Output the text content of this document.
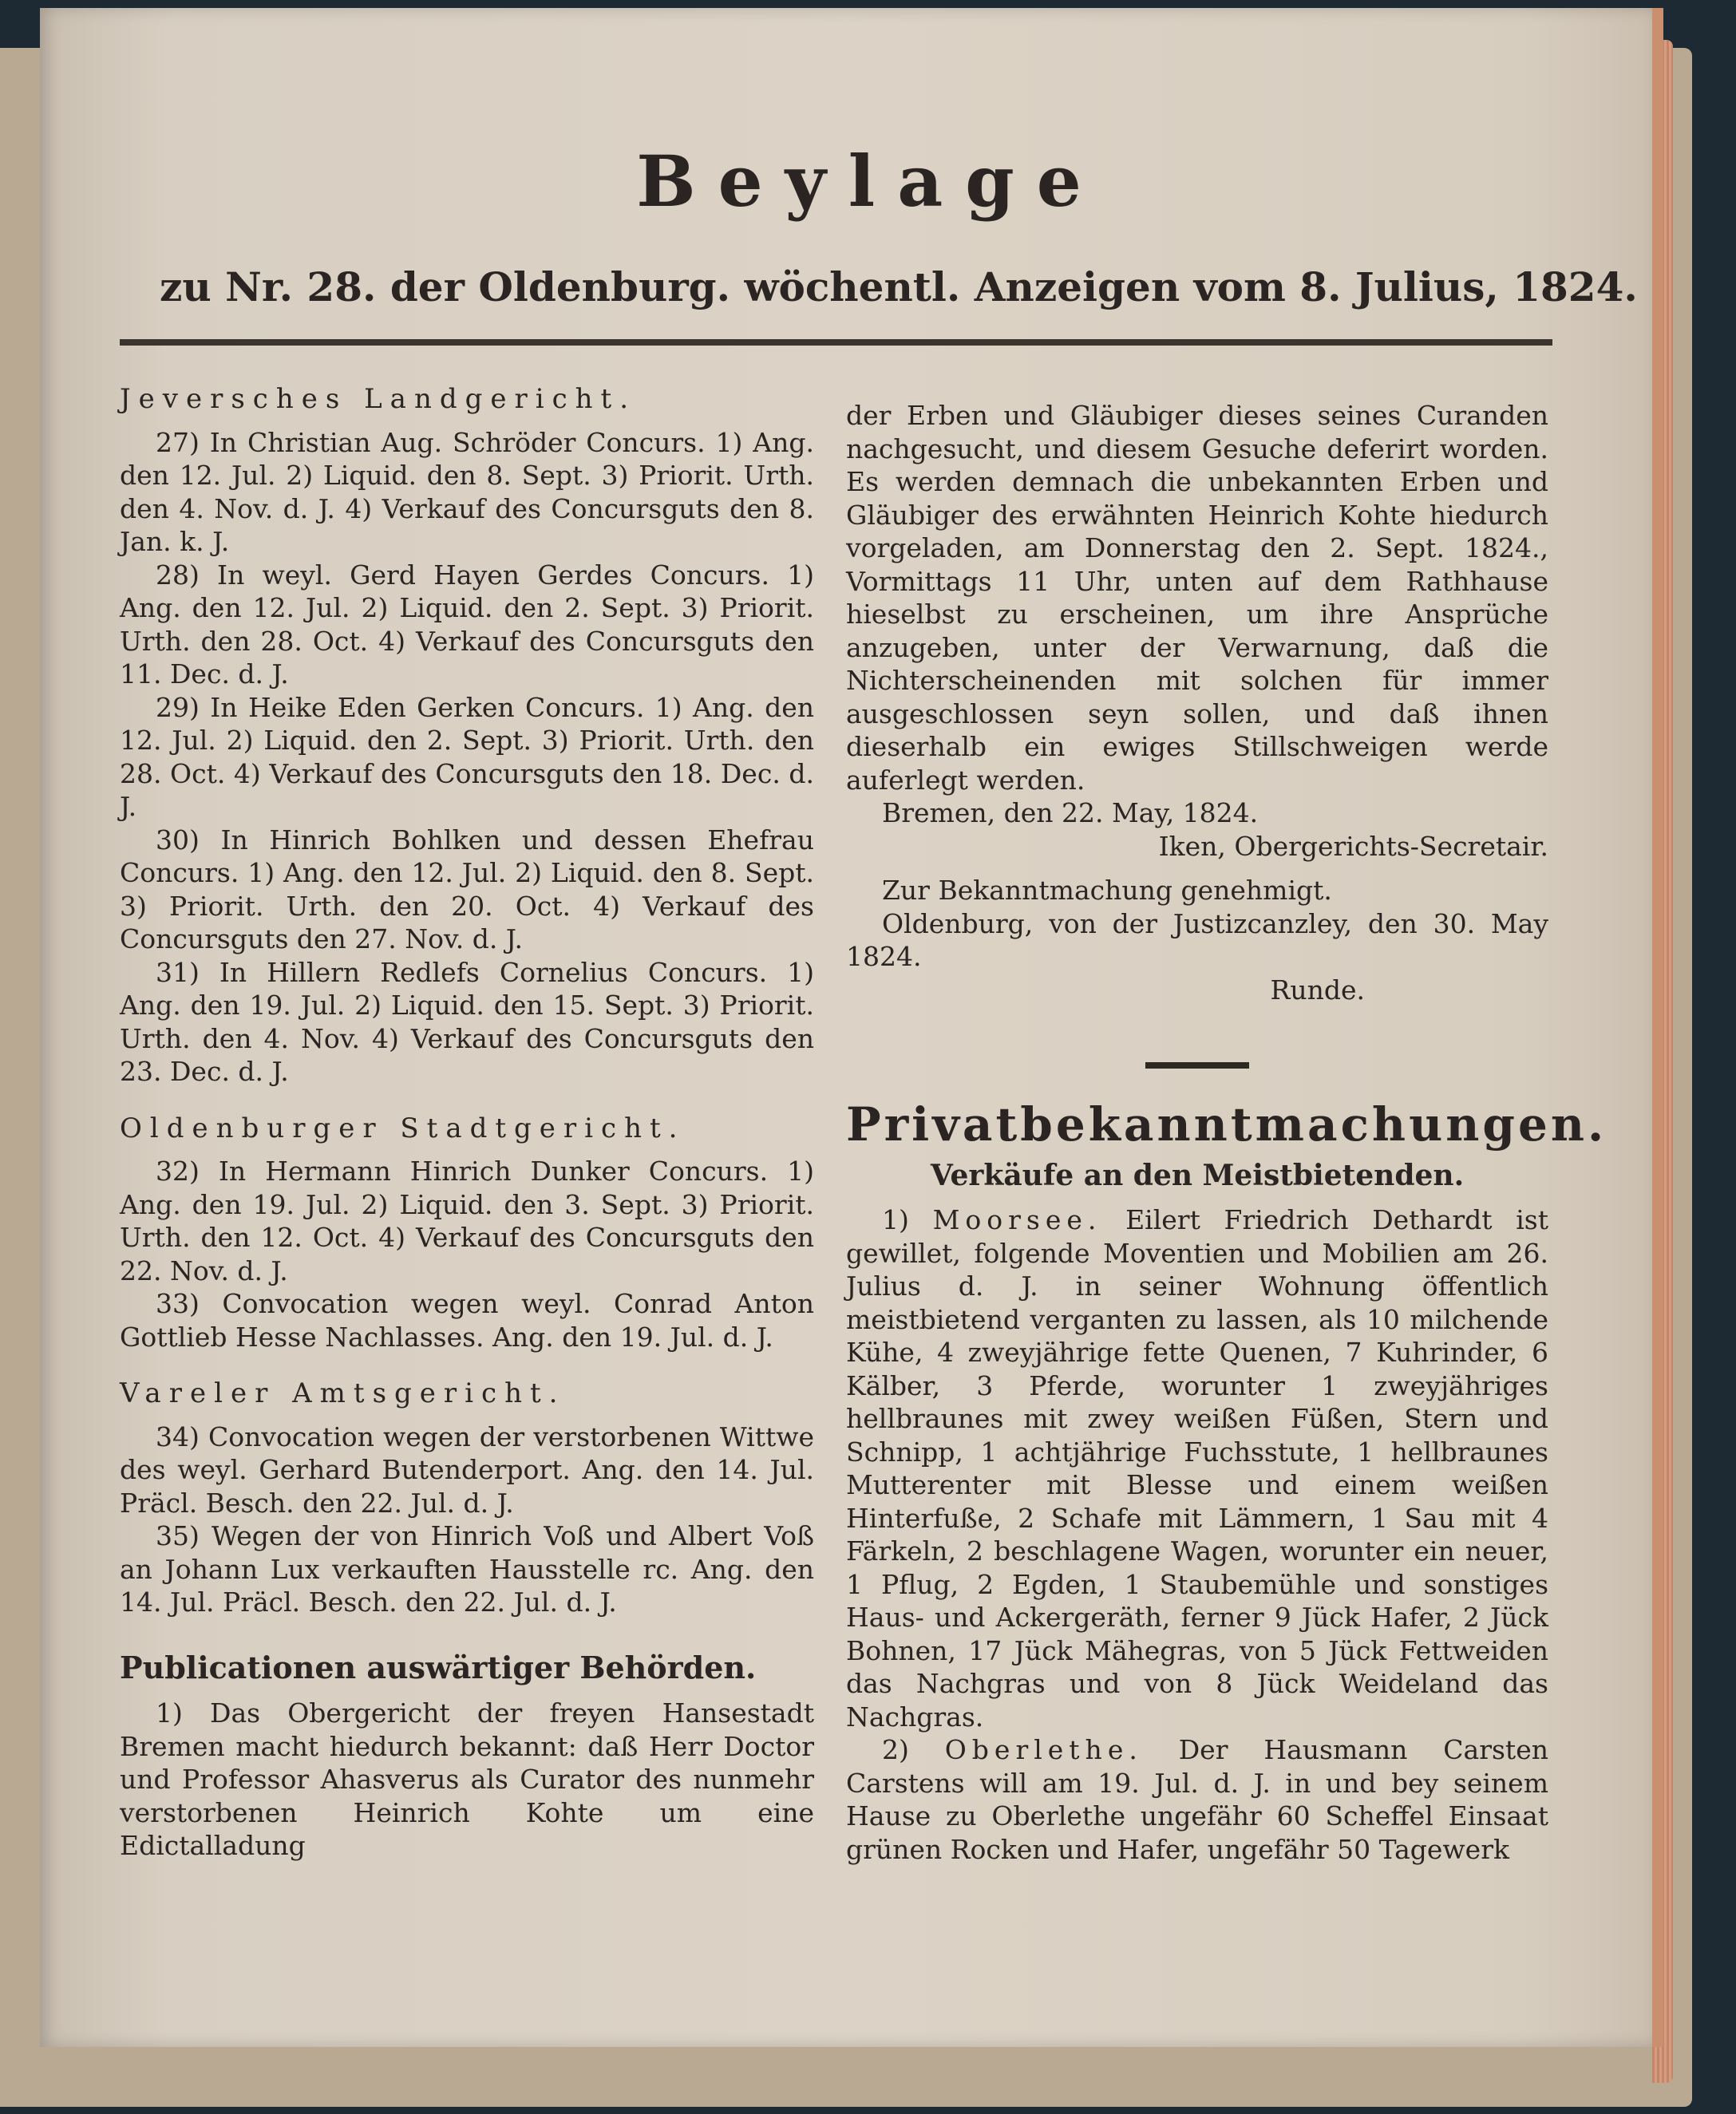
Beylage
zu Nr. 28. der Oldenburg. wöchentl. Anzeigen vom 8. Julius, 1824.

Jeversches Landgericht.

27) In Christian Aug. Schröder Concurs. 1) Ang. den 12. Jul. 2) Liquid. den 8. Sept. 3) Priorit. Urth. den 4. Nov. d. J. 4) Verkauf des Concursguts den 8. Jan. k. J.

28) In weyl. Gerd Hayen Gerdes Concurs. 1) Ang. den 12. Jul. 2) Liquid. den 2. Sept. 3) Priorit. Urth. den 28. Oct. 4) Verkauf des Concursguts den 11. Dec. d. J.

29) In Heike Eden Gerken Concurs. 1) Ang. den 12. Jul. 2) Liquid. den 2. Sept. 3) Priorit. Urth. den 28. Oct. 4) Verkauf des Concursguts den 18. Dec. d. J.

30) In Hinrich Bohlken und dessen Ehefrau Concurs. 1) Ang. den 12. Jul. 2) Liquid. den 8. Sept. 3) Priorit. Urth. den 20. Oct. 4) Verkauf des Concursguts den 27. Nov. d. J.

31) In Hillern Redlefs Cornelius Concurs. 1) Ang. den 19. Jul. 2) Liquid. den 15. Sept. 3) Priorit. Urth. den 4. Nov. 4) Verkauf des Concursguts den 23. Dec. d. J.

Oldenburger Stadtgericht.

32) In Hermann Hinrich Dunker Concurs. 1) Ang. den 19. Jul. 2) Liquid. den 3. Sept. 3) Priorit. Urth. den 12. Oct. 4) Verkauf des Concursguts den 22. Nov. d. J.

33) Convocation wegen weyl. Conrad Anton Gottlieb Hesse Nachlasses. Ang. den 19. Jul. d. J.

Vareler Amtsgericht.

34) Convocation wegen der verstorbenen Wittwe des weyl. Gerhard Butenderport. Ang. den 14. Jul. Präcl. Besch. den 22. Jul. d. J.

35) Wegen der von Hinrich Voß und Albert Voß an Johann Lux verkauften Hausstelle rc. Ang. den 14. Jul. Präcl. Besch. den 22. Jul. d. J.

Publicationen auswärtiger Behörden.

1) Das Obergericht der freyen Hansestadt Bremen macht hiedurch bekannt: daß Herr Doctor und Professor Ahasverus als Curator des nunmehr verstorbenen Heinrich Kohte um eine Edictalladung

der Erben und Gläubiger dieses seines Curanden nachgesucht, und diesem Gesuche deferirt worden. Es werden demnach die unbekannten Erben und Gläubiger des erwähnten Heinrich Kohte hiedurch vorgeladen, am Donnerstag den 2. Sept. 1824., Vormittags 11 Uhr, unten auf dem Rathhause hieselbst zu erscheinen, um ihre Ansprüche anzugeben, unter der Verwarnung, daß die Nichterscheinenden mit solchen für immer ausgeschlossen seyn sollen, und daß ihnen dieserhalb ein ewiges Stillschweigen werde auferlegt werden.

Bremen, den 22. May, 1824.

Iken, Obergerichts-Secretair.

Zur Bekanntmachung genehmigt.

Oldenburg, von der Justizcanzley, den 30. May 1824.

Runde.

Privatbekanntmachungen.
Verkäufe an den Meistbietenden.

1) Moorsee. Eilert Friedrich Dethardt ist gewillet, folgende Moventien und Mobilien am 26. Julius d. J. in seiner Wohnung öffentlich meistbietend verganten zu lassen, als 10 milchende Kühe, 4 zweyjährige fette Quenen, 7 Kuhrinder, 6 Kälber, 3 Pferde, worunter 1 zweyjähriges hellbraunes mit zwey weißen Füßen, Stern und Schnipp, 1 achtjährige Fuchsstute, 1 hellbraunes Mutterenter mit Blesse und einem weißen Hinterfuße, 2 Schafe mit Lämmern, 1 Sau mit 4 Färkeln, 2 beschlagene Wagen, worunter ein neuer, 1 Pflug, 2 Egden, 1 Staubemühle und sonstiges Haus- und Ackergeräth, ferner 9 Jück Hafer, 2 Jück Bohnen, 17 Jück Mähegras, von 5 Jück Fettweiden das Nachgras und von 8 Jück Weideland das Nachgras.

2) Oberlethe. Der Hausmann Carsten Carstens will am 19. Jul. d. J. in und bey seinem Hause zu Oberlethe ungefähr 60 Scheffel Einsaat grünen Rocken und Hafer, ungefähr 50 Tagewerk
